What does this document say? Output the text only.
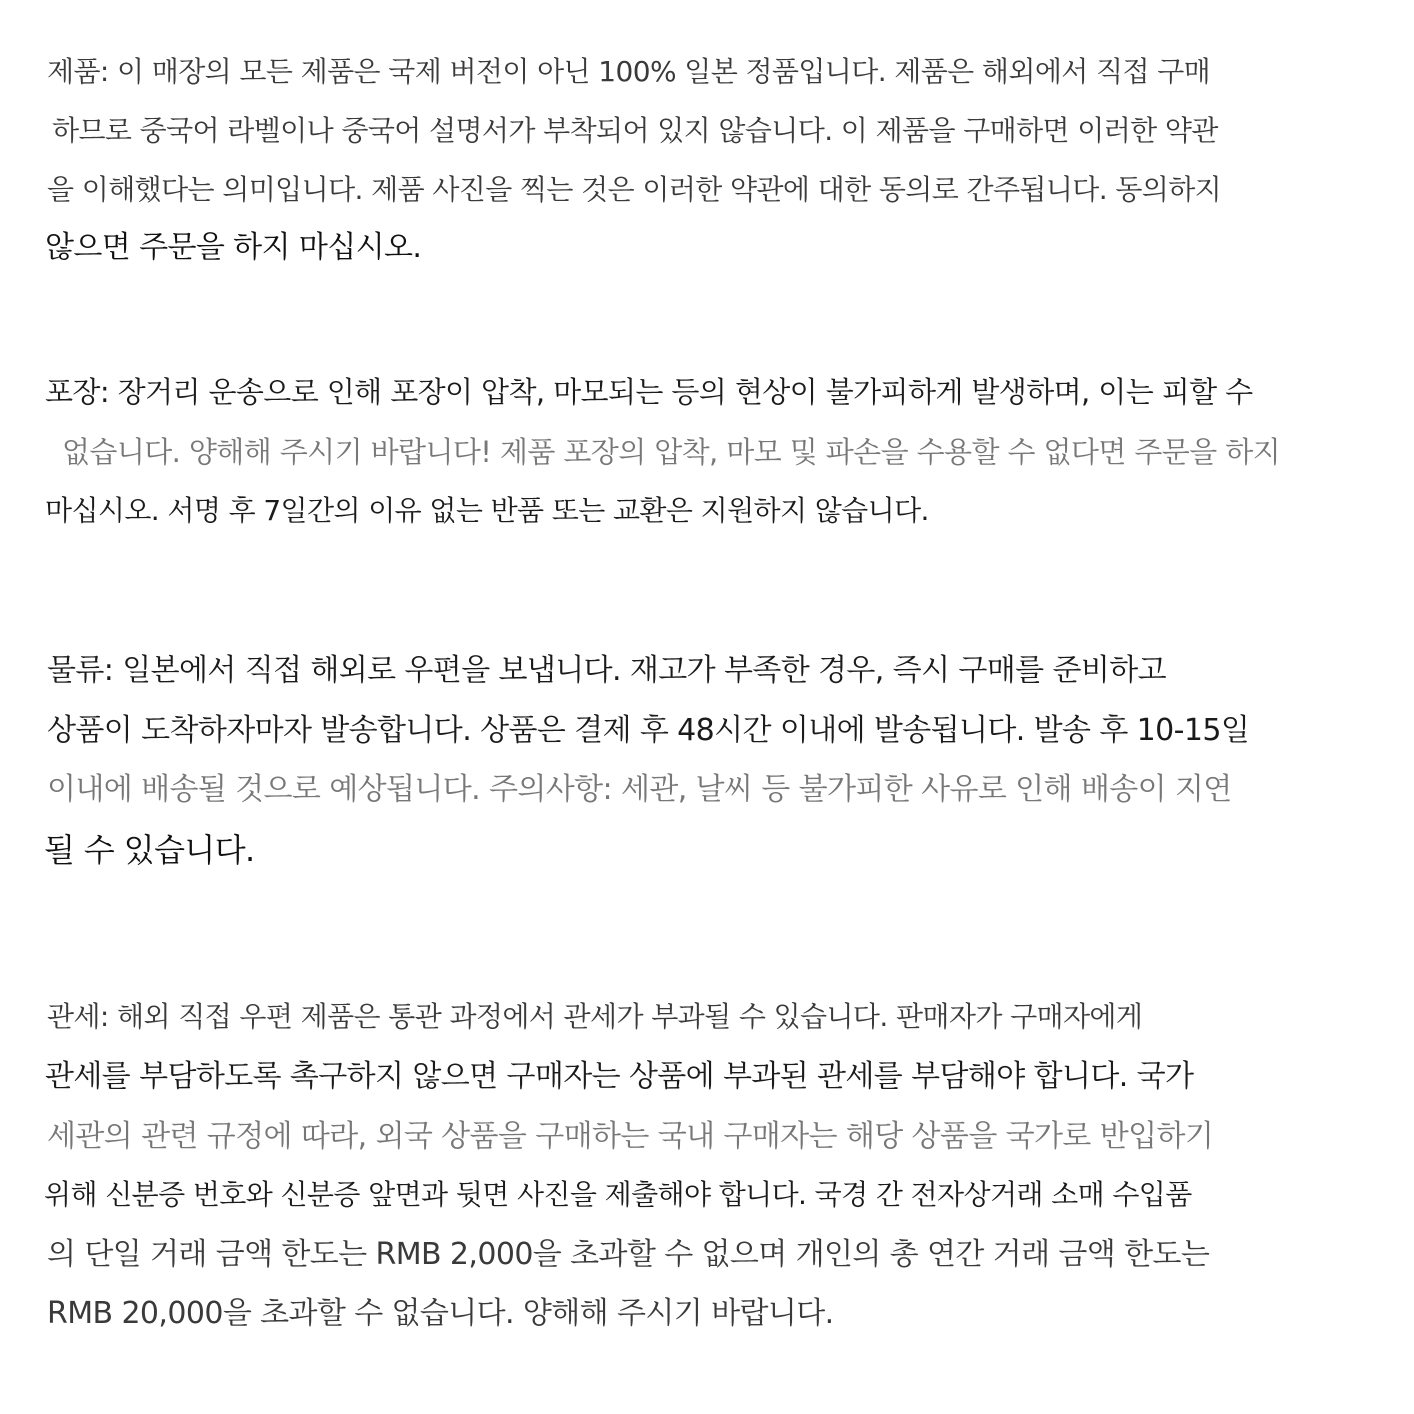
제품: 이 매장의 모든 제품은 국제 버전이 아닌 100% 일본 정품입니다. 제품은 해외에서 직접 구매
하므로 중국어 라벨이나 중국어 설명서가 부착되어 있지 않습니다. 이 제품을 구매하면 이러한 약관
을 이해했다는 의미입니다. 제품 사진을 찍는 것은 이러한 약관에 대한 동의로 간주됩니다. 동의하지
않으면 주문을 하지 마십시오.
포장: 장거리 운송으로 인해 포장이 압착, 마모되는 등의 현상이 불가피하게 발생하며, 이는 피할 수
없습니다. 양해해 주시기 바랍니다! 제품 포장의 압착, 마모 및 파손을 수용할 수 없다면 주문을 하지
마십시오. 서명 후 7일간의 이유 없는 반품 또는 교환은 지원하지 않습니다.
물류: 일본에서 직접 해외로 우편을 보냅니다. 재고가 부족한 경우, 즉시 구매를 준비하고
상품이 도착하자마자 발송합니다. 상품은 결제 후 48시간 이내에 발송됩니다. 발송 후 10-15일
이내에 배송될 것으로 예상됩니다. 주의사항: 세관, 날씨 등 불가피한 사유로 인해 배송이 지연
될 수 있습니다.
관세: 해외 직접 우편 제품은 통관 과정에서 관세가 부과될 수 있습니다. 판매자가 구매자에게
관세를 부담하도록 촉구하지 않으면 구매자는 상품에 부과된 관세를 부담해야 합니다. 국가
세관의 관련 규정에 따라, 외국 상품을 구매하는 국내 구매자는 해당 상품을 국가로 반입하기
위해 신분증 번호와 신분증 앞면과 뒷면 사진을 제출해야 합니다. 국경 간 전자상거래 소매 수입품
의 단일 거래 금액 한도는 RMB 2,000을 초과할 수 없으며 개인의 총 연간 거래 금액 한도는
RMB 20,000을 초과할 수 없습니다. 양해해 주시기 바랍니다.
